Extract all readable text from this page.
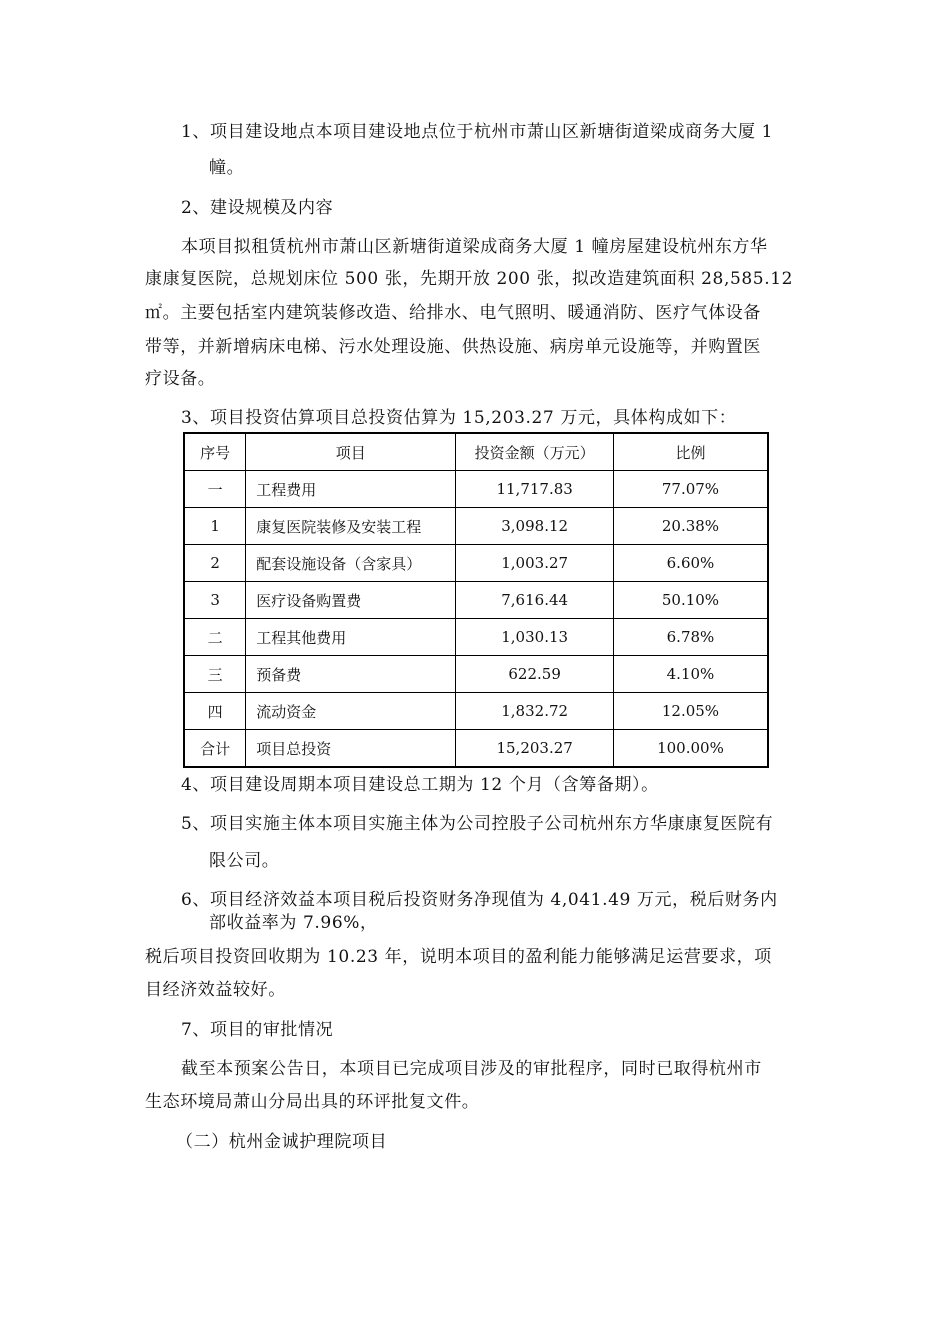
1、项目建设地点本项目建设地点位于杭州市萧山区新塘街道梁成商务大厦 1
幢。
2、建设规模及内容
本项目拟租赁杭州市萧山区新塘街道梁成商务大厦 1 幢房屋建设杭州东方华
康康复医院，总规划床位 500 张，先期开放 200 张，拟改造建筑面积 28,585.12
㎡。主要包括室内建筑装修改造、给排水、电气照明、暖通消防、医疗气体设备
带等，并新增病床电梯、污水处理设施、供热设施、病房单元设施等，并购置医
疗设备。
3、项目投资估算项目总投资估算为 15,203.27 万元，具体构成如下：
序号	项目	投资金额（万元）	比例
一	工程费用	11,717.83	77.07%
1	康复医院装修及安装工程	3,098.12	20.38%
2	配套设施设备（含家具）	1,003.27	6.60%
3	医疗设备购置费	7,616.44	50.10%
二	工程其他费用	1,030.13	6.78%
三	预备费	622.59	4.10%
四	流动资金	1,832.72	12.05%
合计	项目总投资	15,203.27	100.00%
4、项目建设周期本项目建设总工期为 12 个月（含筹备期）。
5、项目实施主体本项目实施主体为公司控股子公司杭州东方华康康复医院有
限公司。
6、项目经济效益本项目税后投资财务净现值为 4,041.49 万元，税后财务内
部收益率为 7.96%，
税后项目投资回收期为 10.23 年，说明本项目的盈利能力能够满足运营要求，项
目经济效益较好。
7、项目的审批情况
截至本预案公告日，本项目已完成项目涉及的审批程序，同时已取得杭州市
生态环境局萧山分局出具的环评批复文件。
（二）杭州金诚护理院项目
